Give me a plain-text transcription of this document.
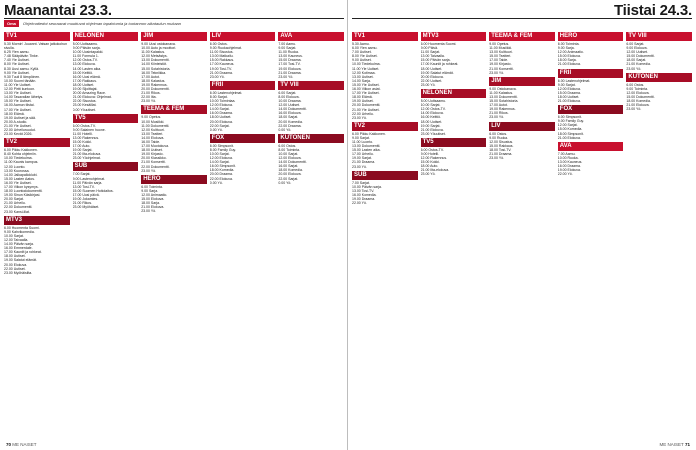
Maanantai 23.3.
Oma	Ohjelmatiedot seuraavat muuttuvat ohjelman tapahtumia ja tuotannon aikataulun mukaan
TV1

5.30 Mornin' Juuannt. Vatsan jatkokohun sivulla.

6.25 Ylen aamu.

7.48 Sääpäivän Tinke.

7.40 Yle Uutiset.

8.00 Yle Uutiset.

8.30 Uusi aamu. Kyllä.

9.00 Yle Uutiset.

9.30 Tuuli 8 lämpöinen.

10.00 Suomi tänään.

11.00 Yle Uutiset.

12.00 Pirtti kuntoon.

13.00 Yle Uutiset.

14.00 Tasavallan lähetys.

15.00 Yle Uutiset.

16.00 Aamun tiistai.

17.00 Yle Uutiset.

18.00 Elämä.

19.00 Uutiset ja sää.

20.00 A-studio.

21.00 Yle Uutiset.

22.00 Urheiluruudut.

23.00 Kevät 2026.

TV2

6.00 Pikku Kakkonen.

8.40 Kohta ohjelmiin.

10.00 Tiedekulma.

11.00 Kaunis kampus.

12.00 Luonto.

13.00 Kuorossa.

14.00 Jalkapalloklubi.

15.00 Lasten Aatos.

16.00 Yle Uutiset.

17.00 Viikon kysymys.

18.00 Luontodokumentti.

19.00 Sinun Käsikirjasi.

20.00 Sarjat.

21.00 Urheilu.

22.00 Dokumentti.

23.00 Kansi-illat.

MTV3

6.00 Huomenta Suomi.

9.00 Kahvikomedia.

10.00 Sarjat.

12.00 Taivaalla.

14.00 Päivän sarja.

16.00 Emmerdale.

17.00 Kauniit ja rohkeat.

18.00 Uutiset.

19.00 Salatut elämät.

20.00 Elokuva.

22.00 Uutiset.

23.00 Myöhäisilta.

NELONEN

8.00 Uutisaamu.

9.00 Päivän sarja.

10.00 Uusintapakki.

11.00 Formula 1.

12.00 Ostos-TV.

13.00 Elokuva.

14.00 Lasten aika.

15.00 Keittiö.

16.00 Uusi elämä.

17.00 Rakkaus.

18.00 Uutiset.

19.00 Sijoittajat.

20.00 Amazing Race.

21.00 Elokuva: Ohjelmat.

22.00 Sisustus.

23.00 Kesäillat.

0.00 Yöuutiset.

TV5

6.00 Ostos-TV.

9.00 Salainen huone.

11.00 Hotelli.

13.00 Rakennus.

15.00 Kokki.

17.00 Auto.

19.00 Sarjat.

21.00 Ilta-elokuva.

23.00 Yöohjelmat.

SUB

7.00 Sarjat.

9.00 Lastenohjelmat.

11.00 Päivän sarja.

13.00 Tosi-TV.

15.00 Suomen Hoitolaitos.

17.00 Uusi päivä.

19.00 Jokamies.

21.00 Rikos.

23.00 Myöhäiset.

JIM

9.00 Uusi ostokanava.

10.00 Auto ja moottori.

11.00 Kalastus.

12.00 Metsästys.

13.00 Dokumentti.

14.00 Kiinteistöt.

15.00 Sotahistoria.

16.00 Tekniikka.

17.00 Autot.

18.00 Kalastus.

19.00 Rakennus.

20.00 Dokumentti.

21.00 Rikos.

22.00 Ilta.

23.00 Yö.

TEEMA & FEM

9.00 Opetus.

10.00 Musiikki.

11.00 Dokumentti.

12.00 Kulttuuri.

13.00 Teatteri.

14.00 Elokuva.

16.00 Taide.

17.00 Muotokuva.

18.00 Uutiset.

19.00 Kirjasto.

20.00 Klassikko.

21.00 Konsertti.

22.00 Dokumentti.

23.00 Yö.

HERO

6.00 Toiminta.

9.00 Sarja.

12.00 Animaatio.

15.00 Elokuva.

18.00 Sarja.

21.00 Elokuva.

23.00 Yö.

LIV

6.00 Ostos.

9.00 Ruokaohjelmat.

11.00 Sisustus.

13.00 Matkailu.

15.00 Rakkaus.

17.00 Kauneus.

19.00 Tosi-TV.

21.00 Draama.

23.00 Yö.

FRII

6.00 Lastenohjelmat.

8.00 Sarjat.

10.00 Toimintaa.

12.00 Elokuva.

14.00 Sarjat.

16.00 Draama.

18.00 Uutiset.

20.00 Elokuva.

22.00 Sarjat.

0.00 Yö.

FOX

6.00 Simpsonit.

8.00 Family Guy.

10.00 Sarjat.

12.00 Elokuva.

14.00 Sarjat.

16.00 Simpsonit.

18.00 Komedia.

20.00 Draama.

22.00 Elokuva.

0.00 Yö.

AVA

7.00 Aamu.

9.00 Sarjat.

11.00 Ruoka.

13.00 Kauneus.

15.00 Draama.

17.00 Tosi-TV.

19.00 Elokuva.

21.00 Draama.

23.00 Yö.

TV VIII

6.00 Sarjat.

8.00 Elokuva.

10.00 Draama.

12.00 Uutiset.

14.00 Dokumentti.

16.00 Elokuva.

18.00 Sarjat.

20.00 Komedia.

22.00 Draama.

0.00 Yö.

KUTONEN

6.00 Ostos.

8.00 Toiminta.

10.00 Sarjat.

12.00 Elokuva.

14.00 Dokumentti.

16.00 Sarjat.

18.00 Komedia.

20.00 Elokuva.

22.00 Sarjat.

0.00 Yö.

70 ME NAISET
Tiistai 24.3.
TV1

5.30 Aamu.

6.00 Ylen aamu.

7.00 Uutiset.

8.00 Yle Uutiset.

9.00 Uutiset.

10.00 Tiedekulma.

11.00 Yle Uutiset.

12.00 Kotimaa.

13.00 Uutiset.

14.00 Sarja.

15.00 Yle Uutiset.

16.00 Viikon asiat.

17.00 Yle Uutiset.

18.00 Elämä.

19.00 Uutiset.

20.00 Dokumentti.

21.00 Yle Uutiset.

22.00 Urheilu.

23.00 Yö.

TV2

6.00 Pikku Kakkonen.

9.00 Sarjat.

11.00 Luonto.

13.00 Dokumentti.

15.00 Lasten aika.

17.00 Urheilu.

19.00 Sarjat.

21.00 Draama.

23.00 Yö.

SUB

7.00 Sarjat.

10.00 Päivän sarja.

13.00 Tosi-TV.

16.00 Komedia.

19.00 Draama.

22.00 Yö.

MTV3

6.00 Huomenta Suomi.

9.00 Päivä.

11.00 Sarjat.

13.00 Taivaalla.

15.00 Päivän sarja.

17.00 Kauniit ja rohkeat.

18.00 Uutiset.

19.00 Salatut elämät.

20.00 Elokuva.

22.00 Uutiset.

23.00 Yö.

NELONEN

8.00 Uutisaamu.

10.00 Sarjat.

12.00 Ostos-TV.

14.00 Elokuva.

16.00 Keittiö.

18.00 Uutiset.

19.00 Sarjat.

21.00 Elokuva.

23.00 Yöuutiset.

TV5

6.00 Ostos-TV.

9.00 Hotelli.

12.00 Rakennus.

15.00 Kokki.

18.00 Auto.

21.00 Ilta-elokuva.

23.00 Yö.

TEEMA & FEM

9.00 Opetus.

11.00 Musiikki.

13.00 Kulttuuri.

15.00 Teatteri.

17.00 Taide.

19.00 Kirjasto.

21.00 Konsertti.

23.00 Yö.

JIM

9.00 Ostokanava.

11.00 Kalastus.

13.00 Dokumentti.

15.00 Sotahistoria.

17.00 Autot.

19.00 Rakennus.

21.00 Rikos.

23.00 Yö.

LIV

6.00 Ostos.

9.00 Ruoka.

12.00 Sisustus.

15.00 Rakkaus.

18.00 Tosi-TV.

21.00 Draama.

23.00 Yö.

HERO

6.00 Toiminta.

9.00 Sarja.

12.00 Animaatio.

15.00 Elokuva.

18.00 Sarja.

21.00 Elokuva.

FRII

6.00 Lastenohjelmat.

9.00 Sarjat.

12.00 Elokuva.

15.00 Draama.

18.00 Uutiset.

21.00 Elokuva.

FOX

6.00 Simpsonit.

9.00 Family Guy.

12.00 Sarjat.

15.00 Komedia.

18.00 Simpsonit.

21.00 Elokuva.

AVA

7.00 Aamu.

10.00 Ruoka.

13.00 Kauneus.

16.00 Draama.

19.00 Elokuva.

22.00 Yö.

TV VIII

6.00 Sarjat.

9.00 Elokuva.

12.00 Uutiset.

15.00 Dokumentti.

18.00 Sarjat.

21.00 Komedia.

23.00 Yö.

KUTONEN

6.00 Ostos.

9.00 Toiminta.

12.00 Elokuva.

15.00 Dokumentti.

18.00 Komedia.

21.00 Elokuva.

23.00 Yö.

ME NAISET 71
